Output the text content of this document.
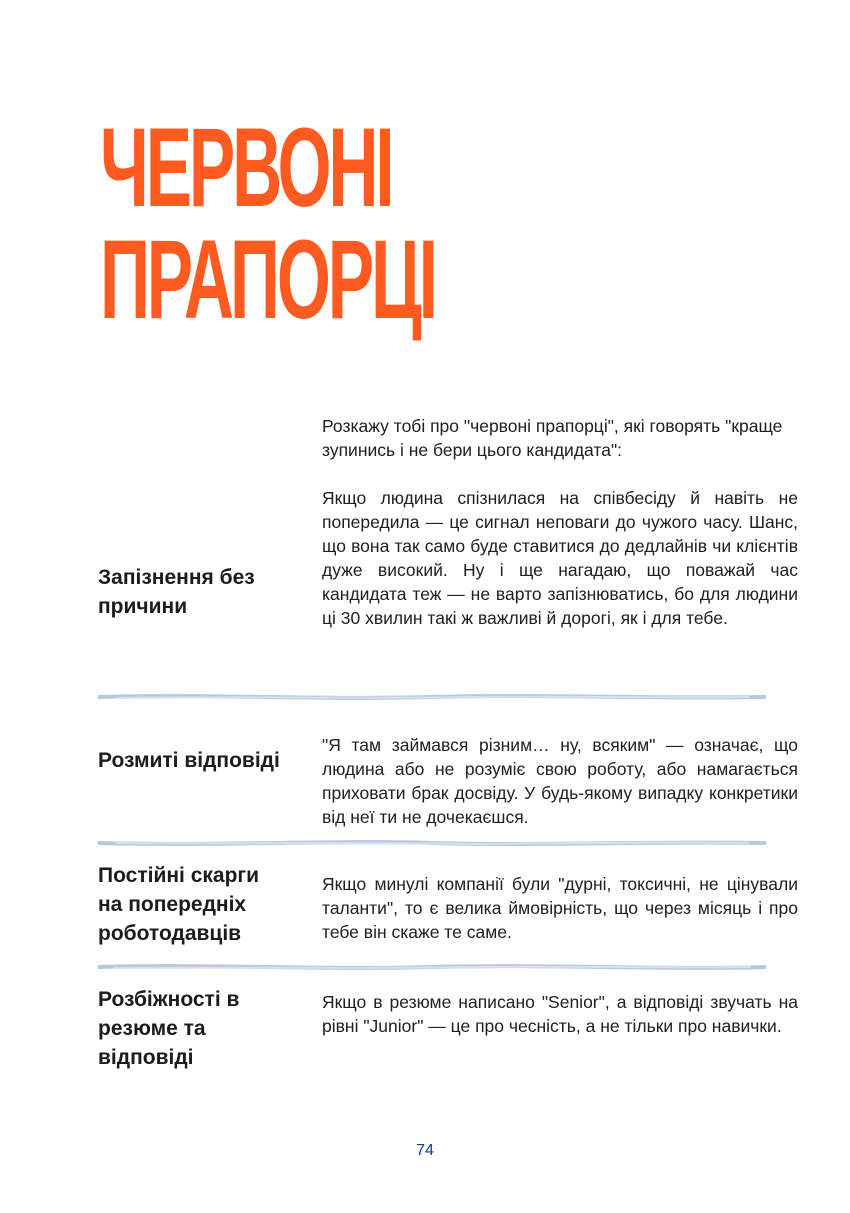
ЧЕРВОНІ
ПРАПОРЦІ

Розкажу тобі про "червоні прапорці", які говорять "краще зупинись і не бери цього кандидата":

Запізнення без причини
Якщо людина спізнилася на співбесіду й навіть не попередила — це сигнал неповаги до чужого часу. Шанс, що вона так само буде ставитися до дедлайнів чи клієнтів дуже високий. Ну і ще нагадаю, що поважай час кандидата теж — не варто запізнюватись, бо для людини ці 30 хвилин такі ж важливі й дорогі, як і для тебе.
Розмиті відповіді
"Я там займався різним… ну, всяким" — означає, що людина або не розуміє свою роботу, або намагається приховати брак досвіду. У будь-якому випадку конкретики від неї ти не дочекаєшся.
Постійні скарги на попередніх роботодавців
Якщо минулі компанії були "дурні, токсичні, не цінували таланти", то є велика ймовірність, що через місяць і про тебе він скаже те саме.
Розбіжності в резюме та відповіді
Якщо в резюме написано "Senior", а відповіді звучать на рівні "Junior" — це про чесність, а не тільки про навички.
74
